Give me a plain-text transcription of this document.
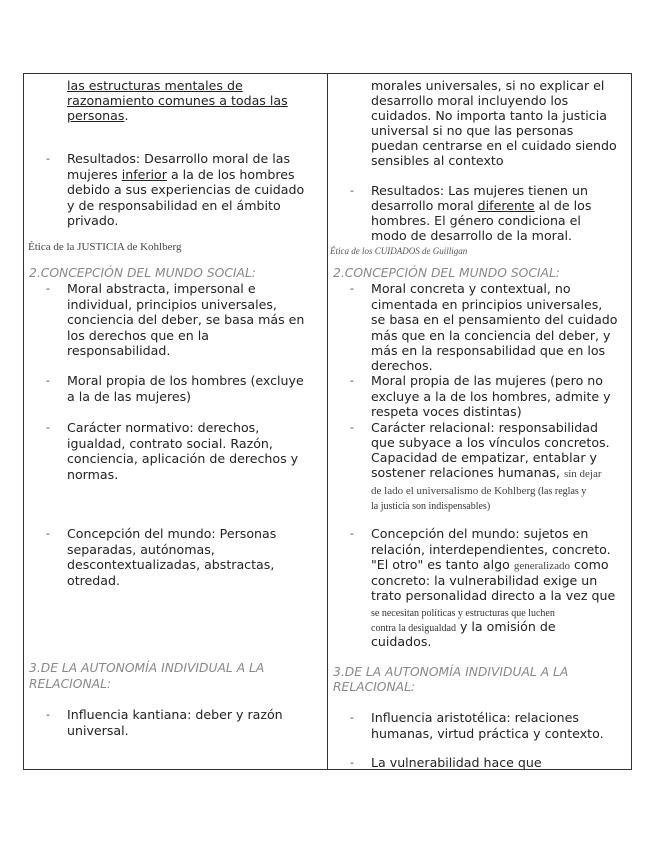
las estructuras mentales de
razonamiento comunes a todas las
personas.
- Resultados: Desarrollo moral de las
mujeres inferior a la de los hombres
debido a sus experiencias de cuidado
y de responsabilidad en el ámbito
privado.
Ética de la JUSTICIA de Kohlberg
2.CONCEPCIÓN DEL MUNDO SOCIAL:
- Moral abstracta, impersonal e
individual, principios universales,
conciencia del deber, se basa más en
los derechos que en la
responsabilidad.
- Moral propia de los hombres (excluye
a la de las mujeres)
- Carácter normativo: derechos,
igualdad, contrato social. Razón,
conciencia, aplicación de derechos y
normas.
- Concepción del mundo: Personas
separadas, autónomas,
descontextualizadas, abstractas,
otredad.
3.DE LA AUTONOMÍA INDIVIDUAL A LA
RELACIONAL:
- Influencia kantiana: deber y razón
universal.
morales universales, si no explicar el
desarrollo moral incluyendo los
cuidados. No importa tanto la justicia
universal si no que las personas
puedan centrarse en el cuidado siendo
sensibles al contexto
- Resultados: Las mujeres tienen un
desarrollo moral diferente al de los
hombres. El género condiciona el
modo de desarrollo de la moral.
Ética de los CUIDADOS de Guilligan
2.CONCEPCIÓN DEL MUNDO SOCIAL:
- Moral concreta y contextual, no
cimentada en principios universales,
se basa en el pensamiento del cuidado
más que en la conciencia del deber, y
más en la responsabilidad que en los
derechos.
- Moral propia de las mujeres (pero no
excluye a la de los hombres, admite y
respeta voces distintas)
- Carácter relacional: responsabilidad
que subyace a los vínculos concretos.
Capacidad de empatizar, entablar y
sostener relaciones humanas, sin dejar
de lado el universalismo de Kohlberg (las reglas y
la justicia son indispensables)
- Concepción del mundo: sujetos en
relación, interdependientes, concreto.
"El otro" es tanto algo generalizado como
concreto: la vulnerabilidad exige un
trato personalidad directo a la vez que
se necesitan políticas y estructuras que luchen
contra la desigualdad y la omisión de
cuidados.
3.DE LA AUTONOMÍA INDIVIDUAL A LA
RELACIONAL:
- Influencia aristotélica: relaciones
humanas, virtud práctica y contexto.
- La vulnerabilidad hace que
